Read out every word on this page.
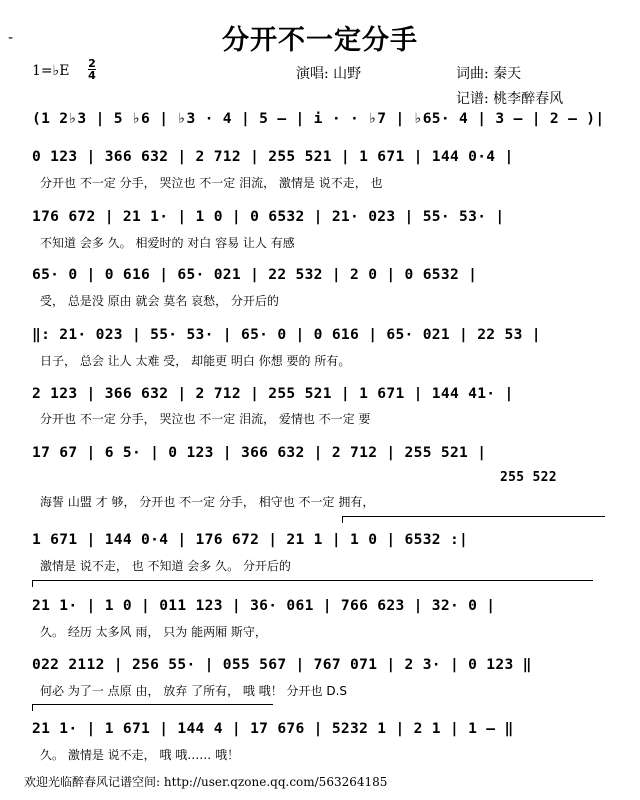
-	分开不一定分手
1=♭E 2
4	演唱: 山野	词曲: 秦天
记谱: 桃李醉春风
(1 2♭3 | 5 ♭6 | ♭3 · 4 | 5 – | i · · ♭7 | ♭65· 4 | 3 – | 2 – )|
0 123 | 366 632 | 2 712 | 255 521 | 1 671 | 144 0·4 |
分开也 不一定 分手， 哭泣也 不一定 泪流， 激情是 说不走， 也
176 672 | 21 1· | 1 0 | 0 6532 | 21· 023 | 55· 53· |
不知道 会多 久。 相爱时的 对白 容易 让人 有感
65· 0 | 0 616 | 65· 021 | 22 532 | 2 0 | 0 6532 |
受， 总是没 原由 就会 莫名 哀愁， 分开后的
‖: 21· 023 | 55· 53· | 65· 0 | 0 616 | 65· 021 | 22 53 |
日子， 总会 让人 太难 受， 却能更 明白 你想 要的 所有。
2 123 | 366 632 | 2 712 | 255 521 | 1 671 | 144 41· |
分开也 不一定 分手， 哭泣也 不一定 泪流， 爱情也 不一定 要
17 67 | 6 5· | 0 123 | 366 632 | 2 712 | 255 521 |
255 522
海誓 山盟 才 够， 分开也 不一定 分手， 相守也 不一定 拥有，
1 671 | 144 0·4 | 176 672 | 21 1 | 1 0 | 6532 :|
激情是 说不走， 也 不知道 会多 久。 分开后的
21 1· | 1 0 | 011 123 | 36· 061 | 766 623 | 32· 0 |
久。 经历 太多风 雨， 只为 能两厢 斯守，
022 2112 | 256 55· | 055 567 | 767 071 | 2 3· | 0 123 ‖
何必 为了一 点原 由， 放弃 了所有， 哦 哦！ 分开也 D.S
21 1· | 1 671 | 144 4 | 17 676 | 5232 1 | 2 1 | 1 – ‖
久。 激情是 说不走， 哦 哦…… 哦！
欢迎光临醉春风记谱空间: http://user.qzone.qq.com/563264185
